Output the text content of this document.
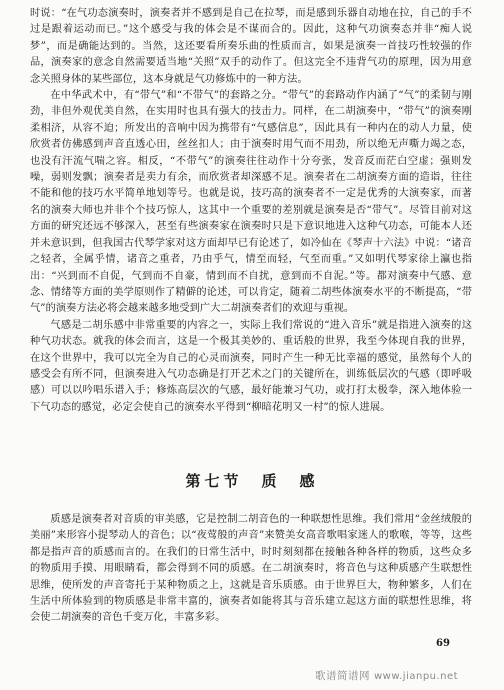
时说：“在气功态演奏时，演奏者并不感到是自己在拉琴，而是感到乐器自动地在拉，自己的手不过是跟着运动而已。”这个感受与我的体会是不谋而合的。因此，这种气功演奏态并非“痴人说梦”，而是确能达到的。当然，这还要看所奏乐曲的性质而言，如果是演奏一首技巧性较强的作品，演奏家的意念自然需要适当地“关照”双手的动作了。但这完全不违背气功的原理，因为用意念关照身体的某些部位，这本身就是气功修炼中的一种方法。

在中华武术中，有“带气”和“不带气”的套路之分。“带气”的套路动作内涵了“气”的柔韧与刚劲，非但外观优美自然，在实用时也具有强大的技击力。同样，在二胡演奏中，“带气”的演奏刚柔相济，从容不迫；所发出的音响中因为携带有“气感信息”，因此具有一种内在的动人力量，使欣赏者仿佛感到声音直透心田，丝丝扣人；由于演奏时用气而不用劲，所以绝无声嘶力竭之态，也没有汗流气喘之容。相反，“不带气”的演奏往往动作十分夸张，发音反而茫白空虚；强则发噪，弱则发飘；演奏者是卖力有余，而欣赏者却深感不足。演奏者在二胡演奏方面的造诣，往往不能和他的技巧水平简单地划等号。也就是说，技巧高的演奏者不一定是优秀的大演奏家，而著名的演奏大师也并非个个技巧惊人，这其中一个重要的差别就是演奏是否“带气”。尽管目前对这方面的研究还远不够深入，甚至有些演奏家在演奏时只是下意识地进入这种气功态，可能本人还并未意识到，但我国古代琴学家对这方面却早已有论述了，如冷仙在《琴声十六法》中说：“诸音之轻者，全属乎情，诸音之重者，乃由乎气，情至而轻，气至而重。”又如明代琴家徐上瀛也指出：“兴到而不自促，气到而不自豪，情到而不自扰，意到而不自泥。”等。都对演奏中气感、意念、情绪等方面的美学原则作了精僻的论述，可以肯定，随着二胡些体演奏水平的不断提高，“带气”的演奏方法必将会越来越多地受到广大二胡演奏者们的欢迎与重视。

气感是二胡乐感中非常重要的内容之一，实际上我们常说的“进入音乐”就是指进入演奏的这种气功状态。就我的体会而言，这是一个极其美妙的、重话般的世界，我至今体现自我的世界，在这个世界中，我可以完全为自己的心灵而演奏，同时产生一种无比幸福的感觉，虽然每个人的感受会有所不同，但演奏进入气功态确是打开艺术之门的关键所在，训练低层次的气感（即呼吸感）可以以吟唱乐谱入手；修炼高层次的气感，最好能兼习气功，或打打太极拳，深入地体验一下气功态的感觉，必定会使自己的演奏水平得到“柳暗花明又一村”的惊人进展。

第七节　质　感

质感是演奏者对音质的审美感，它是控制二胡音色的一种联想性思维。我们常用“金丝绒般的美丽”来形容小提琴动人的音色；以“夜莺般的声音”来赞美女高音歌唱家迷人的歌喉，等等，这些都是指声音的质感而言的。在我们的日常生活中，时时刻刻都在接触各种各样的物质，这些众多的物质用手摸、用眼睛看，都会得到不同的质感。在二胡演奏时，将音色与这种质感产生联想性思维，使所发的声音寄托于某种物质之上，这就是音乐质感。由于世界巨大，物种繁多，人们在生活中所体验到的物质感是非常丰富的，演奏者如能将其与音乐建立起这方面的联想性思维，将会使二胡演奏的音色千变万化，丰富多彩。

69
歌谱简谱网 www.jianpu.net
